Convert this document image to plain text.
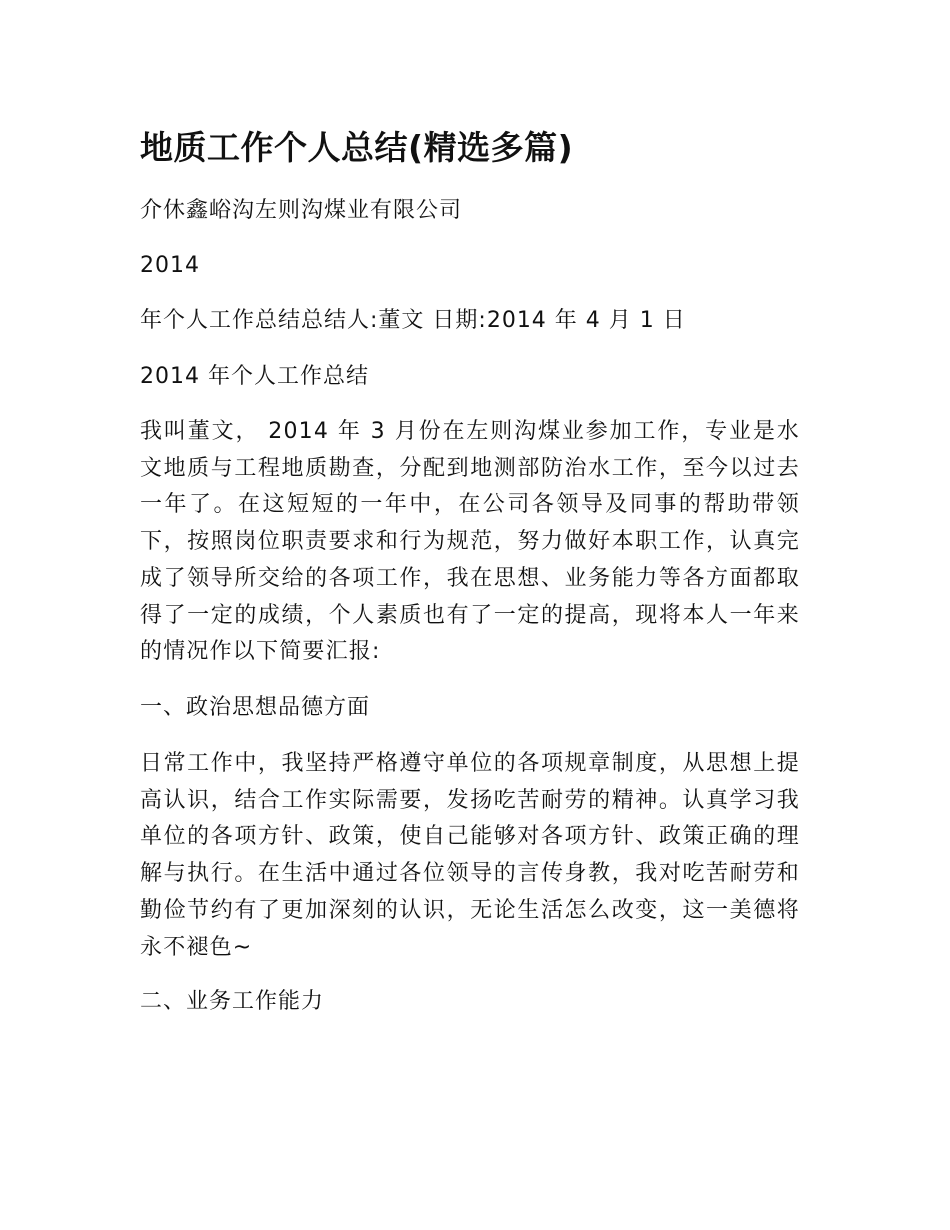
地质工作个人总结(精选多篇)
介休鑫峪沟左则沟煤业有限公司
2014
年个人工作总结总结人:董文 日期:2014 年 4 月 1 日
2014 年个人工作总结
我叫董文， 2014 年 3 月份在左则沟煤业参加工作，专业是水文地质与工程地质勘查，分配到地测部防治水工作，至今以过去一年了。在这短短的一年中，在公司各领导及同事的帮助带领下，按照岗位职责要求和行为规范，努力做好本职工作，认真完成了领导所交给的各项工作，我在思想、业务能力等各方面都取得了一定的成绩，个人素质也有了一定的提高，现将本人一年来的情况作以下简要汇报:
一、政治思想品德方面
日常工作中，我坚持严格遵守单位的各项规章制度，从思想上提高认识，结合工作实际需要，发扬吃苦耐劳的精神。认真学习我单位的各项方针、政策，使自己能够对各项方针、政策正确的理解与执行。在生活中通过各位领导的言传身教，我对吃苦耐劳和勤俭节约有了更加深刻的认识，无论生活怎么改变，这一美德将永不褪色~
二、业务工作能力
